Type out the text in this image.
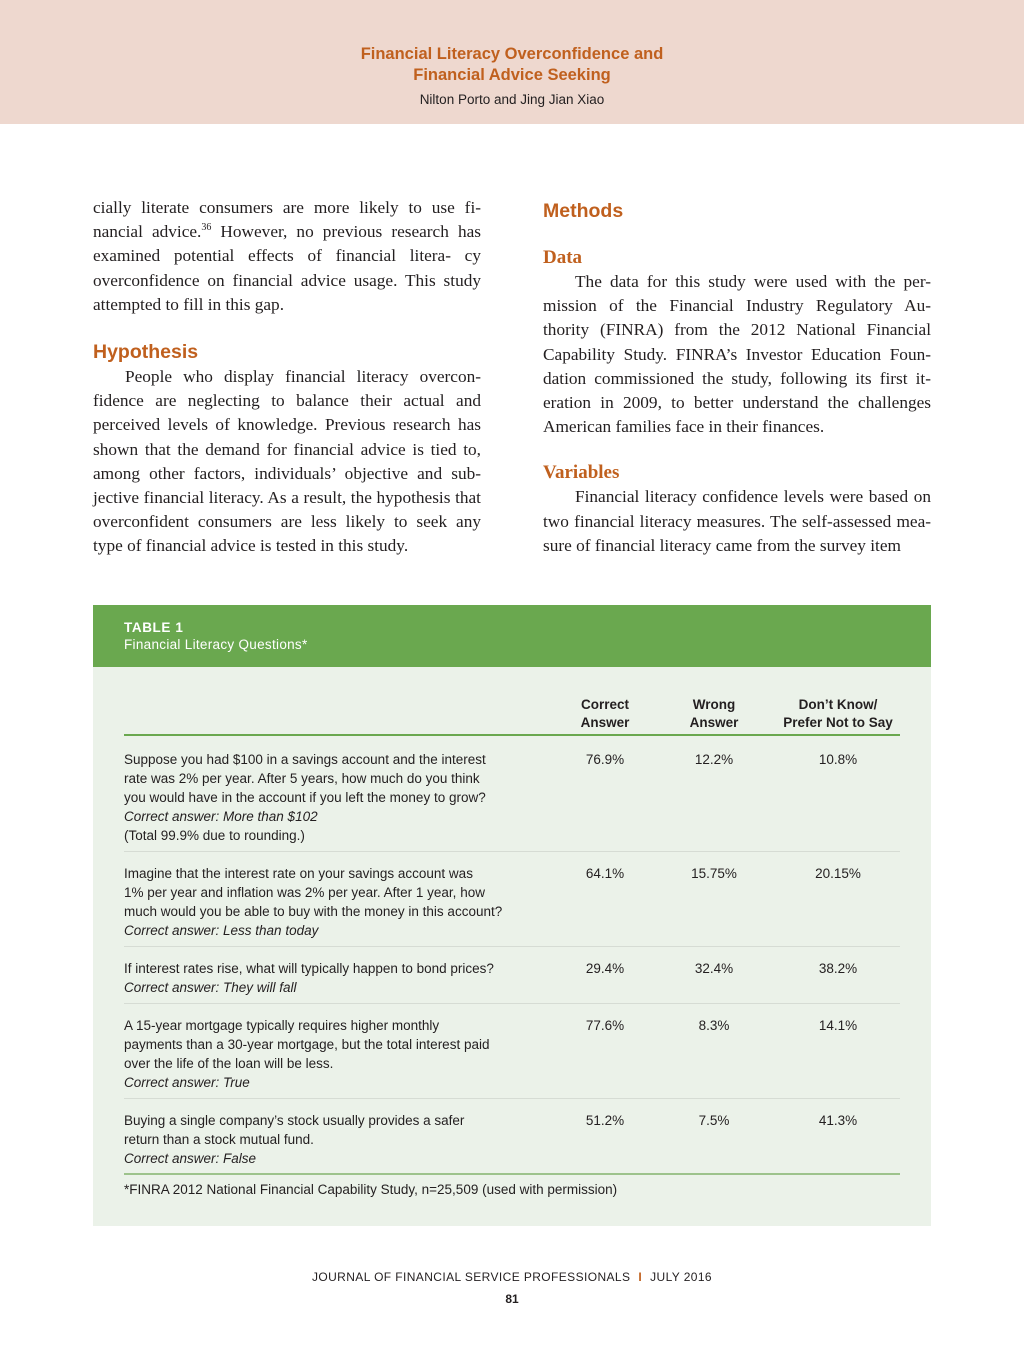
Financial Literacy Overconfidence and
Financial Advice Seeking
Nilton Porto and Jing Jian Xiao

cially literate consumers are more likely to use fi- nancial advice.$^{36}$ However, no previous research has examined potential effects of financial litera- cy overconfidence on financial advice usage. This study attempted to fill in this gap.

Hypothesis

People who display financial literacy overcon- fidence are neglecting to balance their actual and perceived levels of knowledge. Previous research has shown that the demand for financial advice is tied to, among other factors, individuals’ objective and sub- jective financial literacy. As a result, the hypothesis that overconfident consumers are less likely to seek any type of financial advice is tested in this study.

Methods
Data

The data for this study were used with the per- mission of the Financial Industry Regulatory Au- thority (FINRA) from the 2012 National Financial Capability Study. FINRA’s Investor Education Foun- dation commissioned the study, following its first it- eration in 2009, to better understand the challenges American families face in their finances.

Variables

Financial literacy confidence levels were based on two financial literacy measures. The self-assessed mea- sure of financial literacy came from the survey item

TABLE 1
Financial Literacy Questions*
Correct
Answer
Wrong
Answer
Don’t Know/
Prefer Not to Say
Suppose you had $100 in a savings account and the interest
rate was 2% per year. After 5 years, how much do you think
you would have in the account if you left the money to grow?
Correct answer: More than $102
(Total 99.9% due to rounding.)
76.9%	12.2%	10.8%
Imagine that the interest rate on your savings account was
1% per year and inflation was 2% per year. After 1 year, how
much would you be able to buy with the money in this account?
Correct answer: Less than today
64.1%	15.75%	20.15%
If interest rates rise, what will typically happen to bond prices?
Correct answer: They will fall
29.4%	32.4%	38.2%
A 15-year mortgage typically requires higher monthly
payments than a 30-year mortgage, but the total interest paid
over the life of the loan will be less.
Correct answer: True
77.6%	8.3%	14.1%
Buying a single company’s stock usually provides a safer
return than a stock mutual fund.
Correct answer: False
51.2%	7.5%	41.3%
*FINRA 2012 National Financial Capability Study, n=25,509 (used with permission)
JOURNAL OF FINANCIAL SERVICE PROFESSIONALS I JULY 2016
81
